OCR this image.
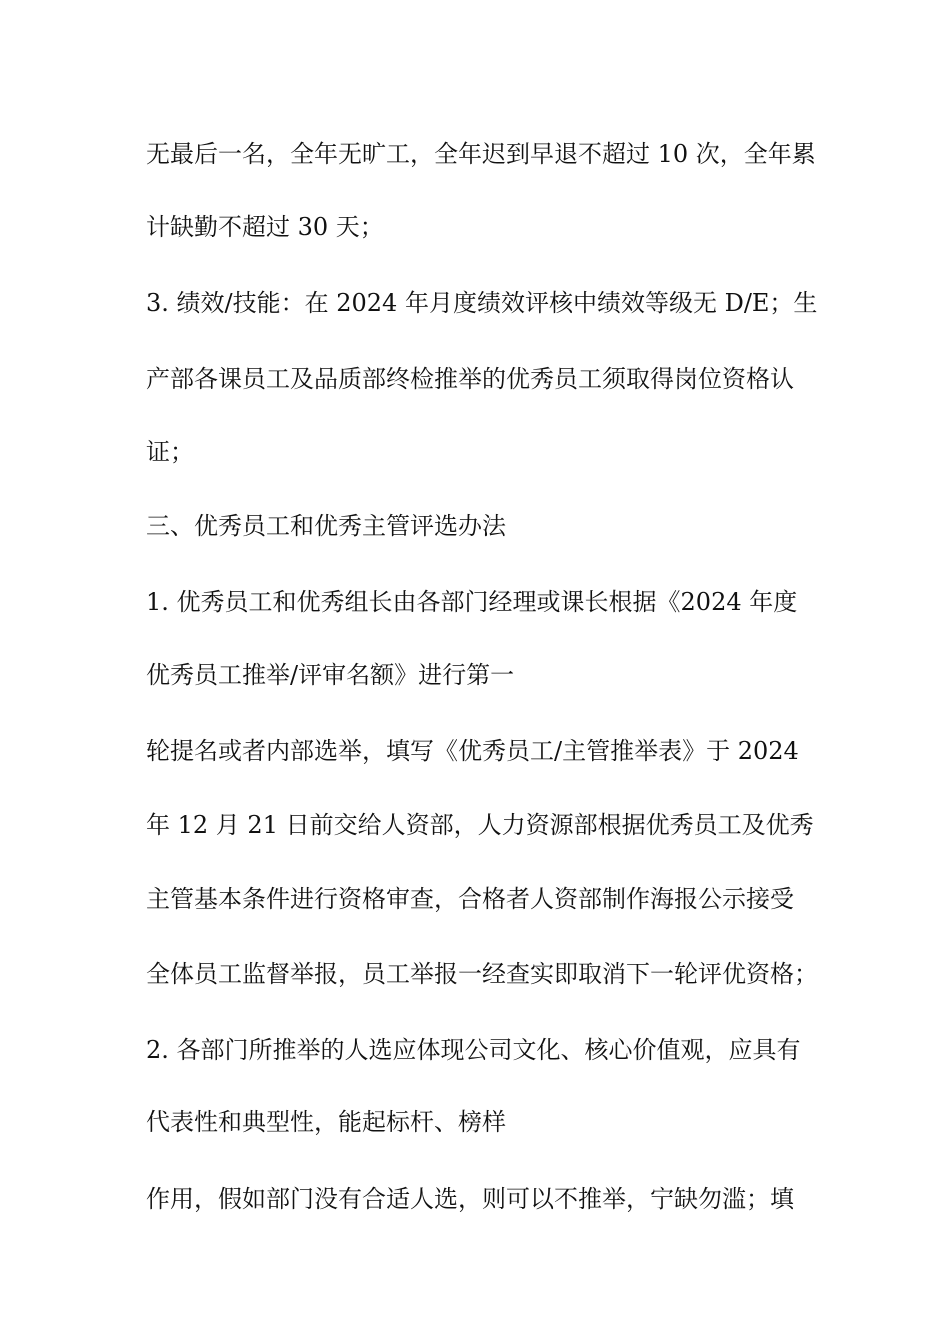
无最后一名，全年无旷工，全年迟到早退不超过 10 次，全年累
计缺勤不超过 30 天；
3. 绩效/技能：在 2024 年月度绩效评核中绩效等级无 D/E；生
产部各课员工及品质部终检推举的优秀员工须取得岗位资格认
证；
三、优秀员工和优秀主管评选办法
1. 优秀员工和优秀组长由各部门经理或课长根据《2024 年度
优秀员工推举/评审名额》进行第一
轮提名或者内部选举，填写《优秀员工/主管推举表》于 2024
年 12 月 21 日前交给人资部，人力资源部根据优秀员工及优秀
主管基本条件进行资格审查，合格者人资部制作海报公示接受
全体员工监督举报，员工举报一经查实即取消下一轮评优资格；
2. 各部门所推举的人选应体现公司文化、核心价值观，应具有
代表性和典型性，能起标杆、榜样
作用，假如部门没有合适人选，则可以不推举，宁缺勿滥；填
